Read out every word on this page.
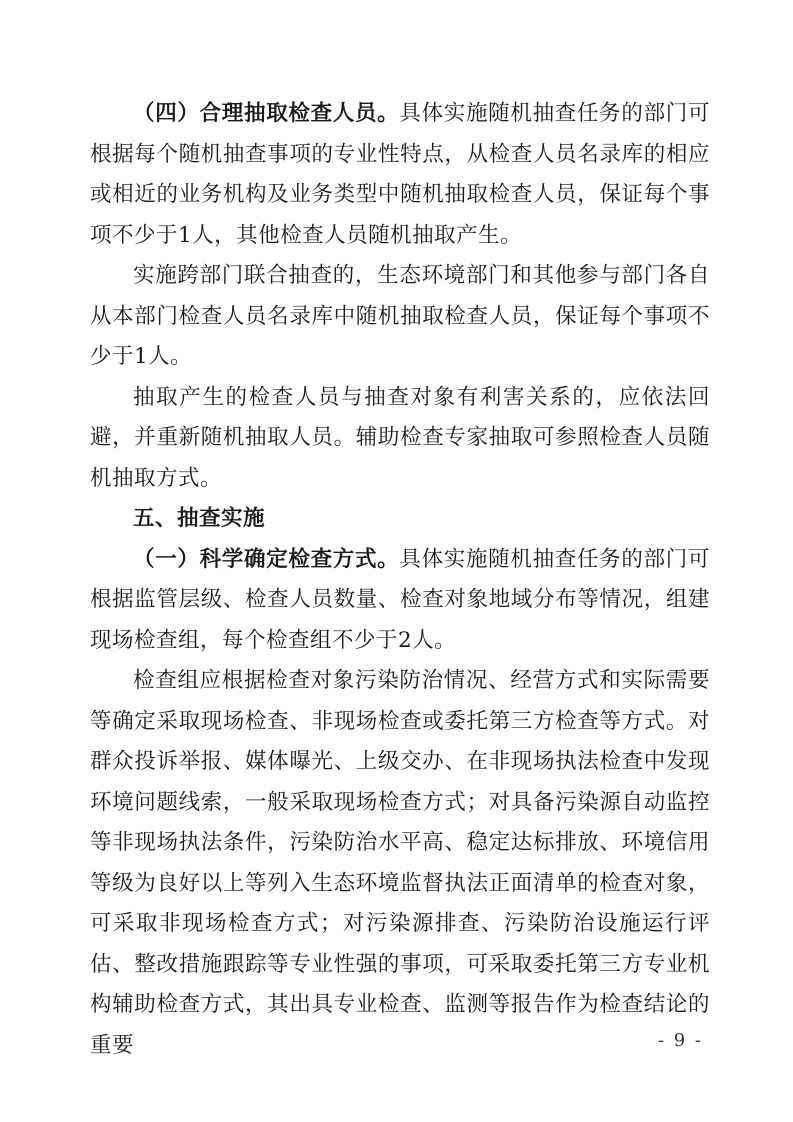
（四）合理抽取检查人员。具体实施随机抽查任务的部门可根据每个随机抽查事项的专业性特点，从检查人员名录库的相应或相近的业务机构及业务类型中随机抽取检查人员，保证每个事项不少于1人，其他检查人员随机抽取产生。

实施跨部门联合抽查的，生态环境部门和其他参与部门各自从本部门检查人员名录库中随机抽取检查人员，保证每个事项不少于1人。

抽取产生的检查人员与抽查对象有利害关系的，应依法回避，并重新随机抽取人员。辅助检查专家抽取可参照检查人员随机抽取方式。

五、抽查实施

（一）科学确定检查方式。具体实施随机抽查任务的部门可根据监管层级、检查人员数量、检查对象地域分布等情况，组建现场检查组，每个检查组不少于2人。

检查组应根据检查对象污染防治情况、经营方式和实际需要等确定采取现场检查、非现场检查或委托第三方检查等方式。对群众投诉举报、媒体曝光、上级交办、在非现场执法检查中发现环境问题线索，一般采取现场检查方式；对具备污染源自动监控等非现场执法条件，污染防治水平高、稳定达标排放、环境信用等级为良好以上等列入生态环境监督执法正面清单的检查对象，可采取非现场检查方式；对污染源排查、污染防治设施运行评估、整改措施跟踪等专业性强的事项，可采取委托第三方专业机构辅助检查方式，其出具专业检查、监测等报告作为检查结论的重要	- 9 -
